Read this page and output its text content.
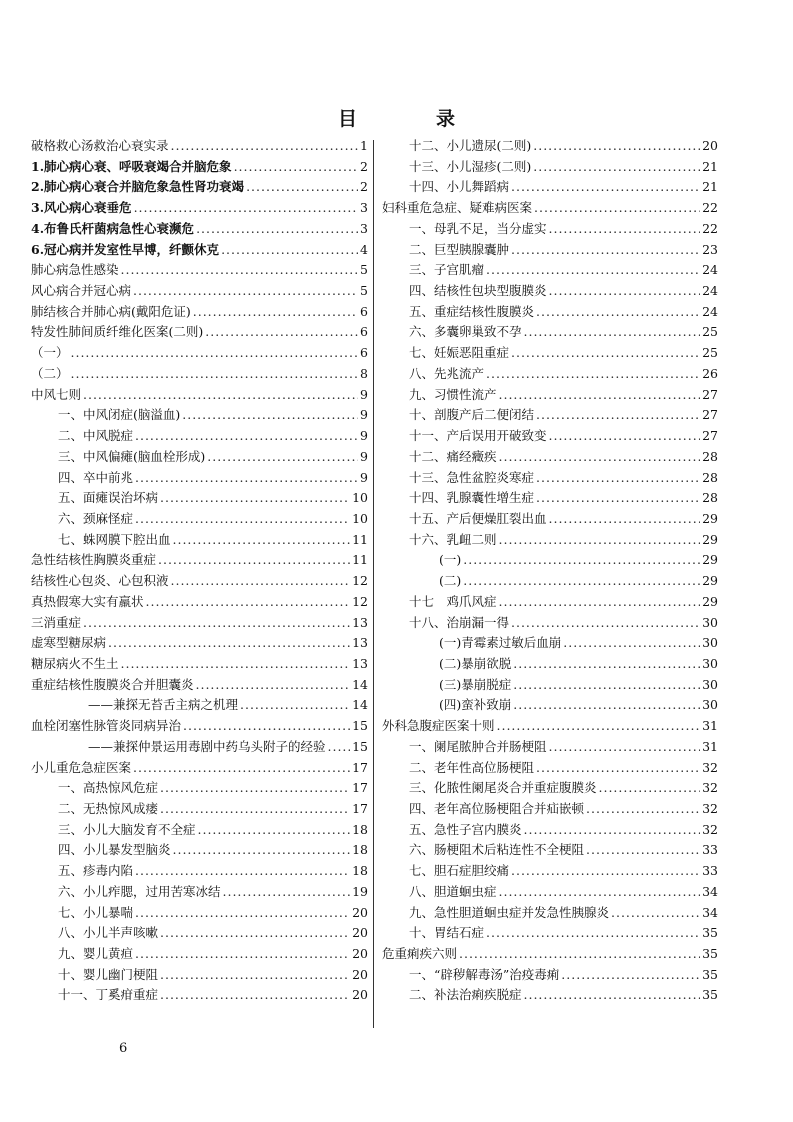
目　录
破格救心汤救治心衰实录 .....	1
1.肺心病心衰、呼吸衰竭合并脑危象 .....	2
2.肺心病心衰合并脑危象急性肾功衰竭 .....	2
3.风心病心衰垂危 .....	3
4.布鲁氏杆菌病急性心衰濒危 .....	3
6.冠心病并发室性早博，纤颤休克 .....	4
肺心病急性感染 .....	5
风心病合并冠心病 .....	5
肺结核合并肺心病(戴阳危证) .....	6
特发性肺间质纤维化医案(二则) .....	6
（一） .....	6
（二） .....	8
中风七则 .....	9
一、中风闭症(脑溢血) .....	9
二、中风脱症 .....	9
三、中风偏瘫(脑血栓形成) .....	9
四、卒中前兆 .....	9
五、面瘫误治坏病 .....	10
六、颈麻怪症 .....	10
七、蛛网膜下腔出血 .....	11
急性结核性胸膜炎重症 .....	11
结核性心包炎、心包积液 .....	12
真热假寒大实有羸状 .....	12
三消重症 .....	13
虚寒型糖尿病 .....	13
糖尿病火不生土 .....	13
重症结核性腹膜炎合并胆囊炎 .....	14
——兼探无苔舌主病之机理 .....	14
血栓闭塞性脉管炎同病异治 .....	15
——兼探仲景运用毒剧中药乌头附子的经验 ..... 15
小儿重危急症医案 .....	17
一、高热惊风危症 .....	17
二、无热惊风成瘘 .....	17
三、小儿大脑发育不全症 .....	18
四、小儿暴发型脑炎 .....	18
五、疹毒内陷 .....	18
六、小儿痄腮，过用苦寒冰结 .....	19
七、小儿暴喘 .....	20
八、小儿半声咳嗽 .....	20
九、婴儿黄疸 .....	20
十、婴儿幽门梗阻 .....	20
十一、丁奚疳重症 .....	20
十二、小儿遗尿(二则) .....	20
十三、小儿湿疹(二则) .....	21
十四、小儿舞蹈病 .....	21
妇科重危急症、疑难病医案 .....	22
一、母乳不足，当分虚实 .....	22
二、巨型胰腺囊肿 .....	23
三、子宫肌瘤 .....	24
四、结核性包块型腹膜炎 .....	24
五、重症结核性腹膜炎 .....	24
六、多囊卵巢致不孕 .....	25
七、妊娠恶阻重症 .....	25
八、先兆流产 .....	26
九、习惯性流产 .....	27
十、剖腹产后二便闭结 .....	27
十一、产后误用开破致变 .....	27
十二、痛经癥疾 .....	28
十三、急性盆腔炎寒症 .....	28
十四、乳腺囊性增生症 .....	28
十五、产后便燥肛裂出血 .....	29
十六、乳衄二则 .....	29
(一) .....	29
(二) .....	29
十七　鸡爪风症 .....	29
十八、治崩漏一得 .....	30
(一)青霉素过敏后血崩 .....	30
(二)暴崩欲脱 .....	30
(三)暴崩脱症 .....	30
(四)蛮补致崩 .....	30
外科急腹症医案十则 .....	31
一、阑尾脓肿合并肠梗阻 .....	31
二、老年性高位肠梗阻 .....	32
三、化脓性阑尾炎合并重症腹膜炎 .....	32
四、老年高位肠梗阻合并疝嵌顿 .....	32
五、急性子宫内膜炎 .....	32
六、肠梗阻术后粘连性不全梗阻 .....	33
七、胆石症胆绞痛 .....	33
八、胆道蛔虫症 .....	34
九、急性胆道蛔虫症并发急性胰腺炎 .....	34
十、胃结石症 .....	35
危重痢疾六则 .....	35
一、“辟秽解毒汤”治疫毒痢 .....	35
二、补法治痢疾脱症 .....	35
6
